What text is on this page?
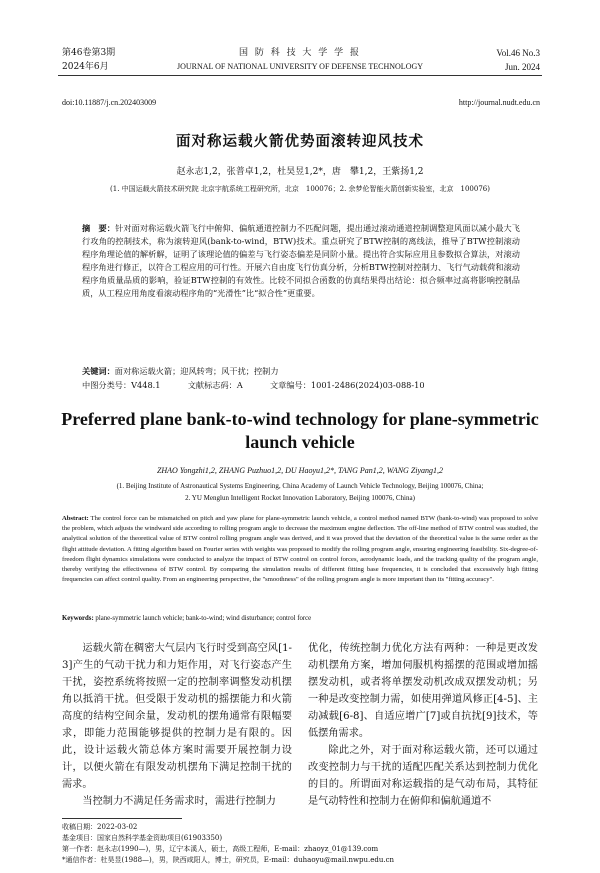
第46卷第3期
2024年6月
国 防 科 技 大 学 学 报
JOURNAL OF NATIONAL UNIVERSITY OF DEFENSE TECHNOLOGY
Vol.46 No.3
Jun. 2024
doi:10.11887/j.cn.202403009	http://journal.nudt.edu.cn
面对称运载火箭优势面滚转迎风技术
赵永志1,2，张普卓1,2，杜昊昱1,2*，唐　攀1,2，王紫扬1,2
(1. 中国运载火箭技术研究院 北京宇航系统工程研究所，北京　100076；2. 余梦伦智能火箭创新实验室，北京　100076)
摘　要：针对面对称运载火箭飞行中俯仰、偏航通道控制力不匹配问题，提出通过滚动通道控制调整迎风面以减小最大飞行攻角的控制技术，称为滚转迎风(bank-to-wind，BTW)技术。重点研究了BTW控制的离线法，推导了BTW控制滚动程序角理论值的解析解，证明了该理论值的偏差与飞行姿态偏差是同阶小量。提出符合实际应用且参数拟合算法，对滚动程序角进行修正，以符合工程应用的可行性。开展六自由度飞行仿真分析，分析BTW控制对控制力、飞行气动载荷和滚动程序角质量品质的影响，验证BTW控制的有效性。比较不同拟合函数的仿真结果得出结论：拟合频率过高将影响控制品质，从工程应用角度看滚动程序角的“光滑性”比“拟合性”更重要。
关键词：面对称运载火箭；迎风转弯；风干扰；控制力
中图分类号：V448.1	文献标志码：A	文章编号：1001-2486(2024)03-088-10
Preferred plane bank-to-wind technology for plane-symmetric
launch vehicle
ZHAO Yongzhi1,2, ZHANG Puzhuo1,2, DU Haoyu1,2*, TANG Pan1,2, WANG Ziyang1,2
(1. Beijing Institute of Astronautical Systems Engineering, China Academy of Launch Vehicle Technology, Beijing 100076, China;
2. YU Menglun Intelligent Rocket Innovation Laboratory, Beijing 100076, China)
Abstract: The control force can be mismatched on pitch and yaw plane for plane-symmetric launch vehicle, a control method named BTW (bank-to-wind) was proposed to solve the problem, which adjusts the windward side according to rolling program angle to decrease the maximum engine deflection. The off-line method of BTW control was studied, the analytical solution of the theoretical value of BTW control rolling program angle was derived, and it was proved that the deviation of the theoretical value is the same order as the flight attitude deviation. A fitting algorithm based on Fourier series with weights was proposed to modify the rolling program angle, ensuring engineering feasibility. Six-degree-of-freedom flight dynamics simulations were conducted to analyze the impact of BTW control on control forces, aerodynamic loads, and the tracking quality of the program angle, thereby verifying the effectiveness of BTW control. By comparing the simulation results of different fitting base frequencies, it is concluded that excessively high fitting frequencies can affect control quality. From an engineering perspective, the "smoothness" of the rolling program angle is more important than its "fitting accuracy".
Keywords: plane-symmetric launch vehicle; bank-to-wind; wind disturbance; control force
运载火箭在稠密大气层内飞行时受到高空风[1-3]产生的气动干扰力和力矩作用，对飞行姿态产生干扰，姿控系统将按照一定的控制率调整发动机摆角以抵消干扰。但受限于发动机的摇摆能力和火箭高度的结构空间余量，发动机的摆角通常有限幅要求，即能力范围能够提供的控制力是有限的。因此，设计运载火箭总体方案时需要开展控制力设计，以便火箭在有限发动机摆角下满足控制干扰的需求。
当控制力不满足任务需求时，需进行控制力
优化，传统控制力优化方法有两种：一种是更改发动机摆角方案，增加伺服机构摇摆的范围或增加摇摆发动机，或者将单摆发动机改成双摆发动机；另一种是改变控制力需，如使用弹道风修正[4-5]、主动减载[6-8]、自适应增广[7]或自抗扰[9]技术，等低摆角需求。
除此之外，对于面对称运载火箭，还可以通过改变控制力与干扰的适配匹配关系达到控制力优化的目的。所谓面对称运载指的是气动布局，其特征是气动特性和控制力在俯仰和偏航通道不
收稿日期：2022-03-02
基金项目：国家自然科学基金资助项目(61903350)
第一作者：赵永志(1990—)，男，辽宁本溪人，硕士，高级工程师，E-mail：zhaoyz_01@139.com
*通信作者：杜昊昱(1988—)，男，陕西咸阳人，博士，研究员，E-mail：duhaoyu@mail.nwpu.edu.cn
